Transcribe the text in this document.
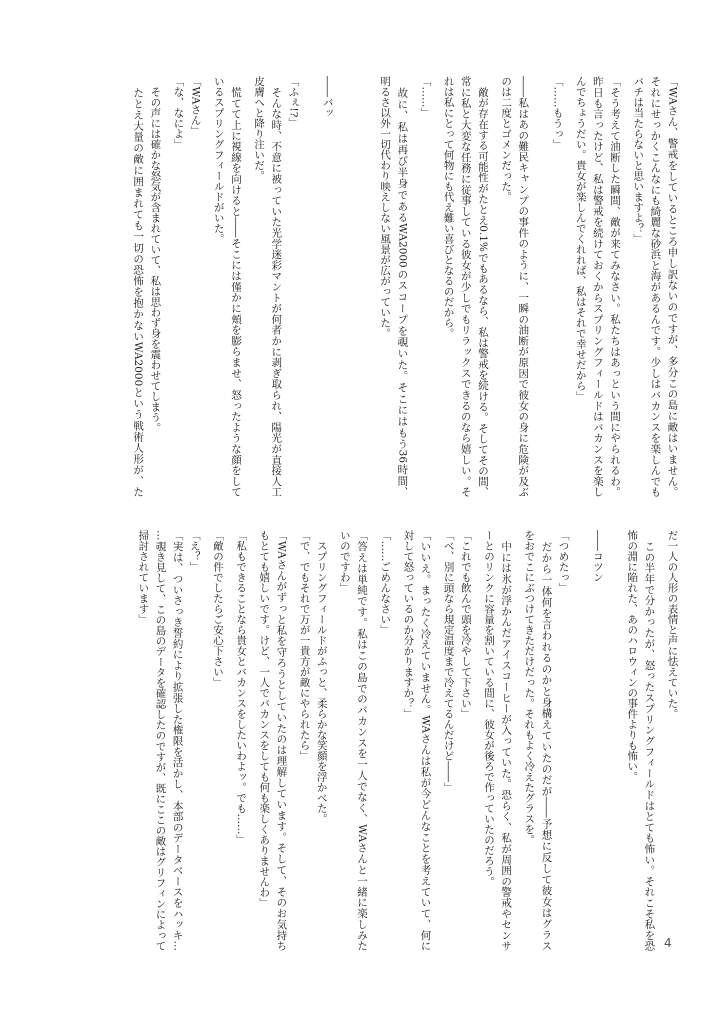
「WAさん、警戒をしているところ申し訳ないのですが、多分この島に敵はいません。
それにせっかくこんなにも綺麗な砂浜と海があるんです。少しはバカンスを楽しんでも
バチは当たらないと思いますよ？」
「そう考えて油断した瞬間、敵が来てみなさい。私たちはあっという間にやられるわ。
昨日も言ったけど、私は警戒を続けておくからスプリングフィールドはバカンスを楽し
んでちょうだい。貴女が楽しんでくれれば、私はそれで幸せだから」
「……もうっ」
――私はあの難民キャンプの事件のように、一瞬の油断が原因で彼女の身に危険が及ぶ
のは二度とゴメンだった。
　敵が存在する可能性がたとえ0.1%でもあるなら、私は警戒を続ける。そしてその間、
常に私と大変な任務に従事している彼女が少しでもリラックスできるのなら嬉しい。そ
れは私にとって何物にも代え難い喜びとなるのだから。
「……」
　故に、私は再び半身であるWA2000のスコープを覗いた。そこにはもう36時間、
明るさ以外一切代わり映えしない風景が広がっていた。
――バッ
「ふぇ!?」
　そんな時、不意に被っていた光学迷彩マントが何者かに剥ぎ取られ、陽光が直接人工
皮膚へと降り注いだ。
　慌てて上に視線を向けると――そこには僅かに頬を膨らませ、怒ったような顔をして
いるスプリングフィールドがいた。
「WAさん」
「な、なによ」
　その声には確かな怒気が含まれていて、私は思わず身を震わせてしまう。
　たとえ大量の敵に囲まれても一切の恐怖を抱かないWA2000という戦術人形が、た
だ一人の人形の表情と声に怯えていた。
　この半年で分かったが、怒ったスプリングフィールドはとても怖い。それこそ私を恐
怖の淵に陥れた、あのハロウィンの事件よりも怖い。
――コツン
「つめたっ」
　だから一体何を言われるのかと身構えていたのだが――予想に反して彼女はグラス
をおでこにぶつけてきただけだった。それもよく冷えたグラスを。
　中には氷が浮かんだアイスコーヒーが入っていた。恐らく、私が周囲の警戒やセンサ
ーとのリンクに容量を割いている間に、彼女が後ろで作っていたのだろう。
「これでも飲んで頭を冷やして下さい」
「べ、別に頭なら規定温度まで冷えてるんだけど――」
「いいえ。まったく冷えていません。WAさんは私が今どんなことを考えていて、何に
対して怒っているのか分かりますか？」
「……ごめんなさい」
「答えは単純です。私はこの島でのバカンスを一人でなく、WAさんと一緒に楽しみた
いのですわ」
　スプリングフィールドがふっと、柔らかな笑顔を浮かべた。
「で、でもそれで万が一貴方が敵にやられたら」
「WAさんがずっと私を守ろうとしていたのは理解しています。そして、そのお気持ち
もとても嬉しいです。けど、一人でバカンスをしても何も楽しくありませんわ」
「私もできることなら貴女とバカンスをしたいわよッ。でも……」
「敵の件でしたらご安心下さい」
「え？」
「実は、ついさっき誓約により拡張した権限を活かし、本部のデータベースをハッキ…
…覗き見して、この島のデータを確認したのですが、既にここの敵はグリフィンによって
掃討されています」
4
